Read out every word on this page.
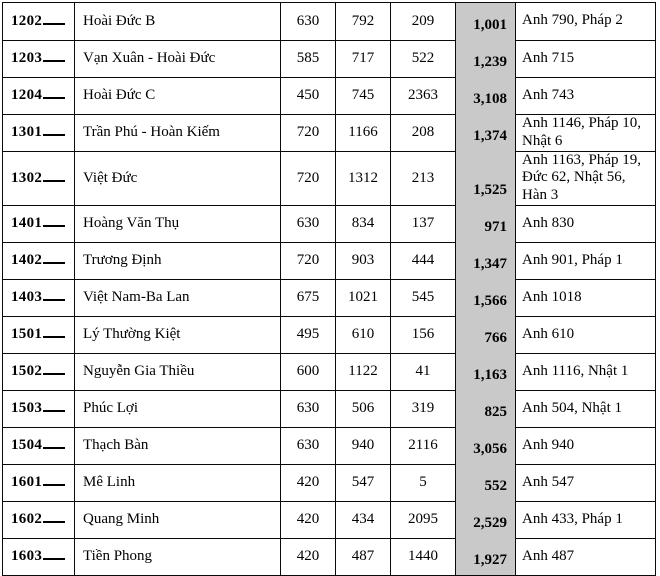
1202	Hoài Đức B	630	792	209	1,001	Anh 790, Pháp 2
1203	Vạn Xuân - Hoài Đức	585	717	522	1,239	Anh 715
1204	Hoài Đức C	450	745	2363	3,108	Anh 743
1301	Trần Phú - Hoàn Kiếm	720	1166	208	1,374	Anh 1146, Pháp 10, Nhật 6
1302	Việt Đức	720	1312	213	1,525	Anh 1163, Pháp 19, Đức 62, Nhật 56, Hàn 3
1401	Hoàng Văn Thụ	630	834	137	971	Anh 830
1402	Trương Định	720	903	444	1,347	Anh 901, Pháp 1
1403	Việt Nam-Ba Lan	675	1021	545	1,566	Anh 1018
1501	Lý Thường Kiệt	495	610	156	766	Anh 610
1502	Nguyễn Gia Thiều	600	1122	41	1,163	Anh 1116, Nhật 1
1503	Phúc Lợi	630	506	319	825	Anh 504, Nhật 1
1504	Thạch Bàn	630	940	2116	3,056	Anh 940
1601	Mê Linh	420	547	5	552	Anh 547
1602	Quang Minh	420	434	2095	2,529	Anh 433, Pháp 1
1603	Tiền Phong	420	487	1440	1,927	Anh 487
